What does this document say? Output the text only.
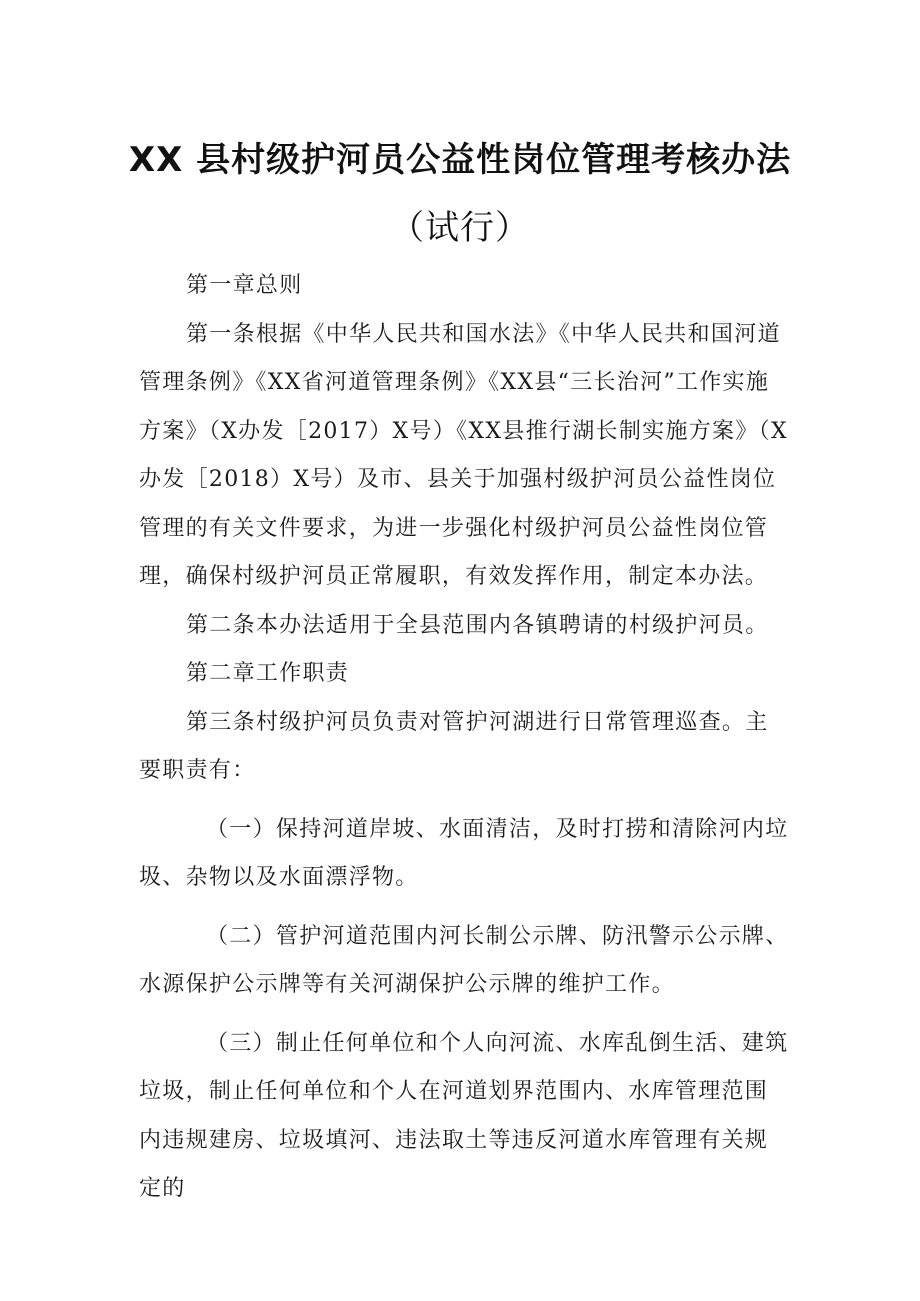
XX 县村级护河员公益性岗位管理考核办法
（试行）

第一章总则

第一条根据《中华人民共和国水法》《中华人民共和国河道管理条例》《XX省河道管理条例》《XX县“三长治河”工作实施方案》（X办发［2017）X号）《XX县推行湖长制实施方案》（X办发［2018）X号）及市、县关于加强村级护河员公益性岗位管理的有关文件要求，为进一步强化村级护河员公益性岗位管理，确保村级护河员正常履职，有效发挥作用，制定本办法。

第二条本办法适用于全县范围内各镇聘请的村级护河员。

第二章工作职责

第三条村级护河员负责对管护河湖进行日常管理巡查。主要职责有：

（一）保持河道岸坡、水面清洁，及时打捞和清除河内垃圾、杂物以及水面漂浮物。

（二）管护河道范围内河长制公示牌、防汛警示公示牌、水源保护公示牌等有关河湖保护公示牌的维护工作。

（三）制止任何单位和个人向河流、水库乱倒生活、建筑垃圾，制止任何单位和个人在河道划界范围内、水库管理范围内违规建房、垃圾填河、违法取土等违反河道水库管理有关规定的
